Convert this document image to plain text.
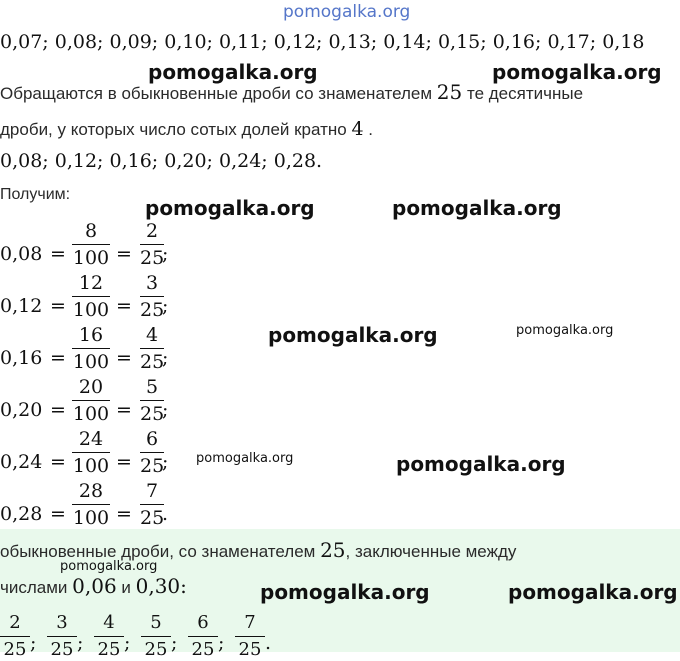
pomogalka.org
0,07; 0,08; 0,09; 0,10; 0,11; 0,12; 0,13; 0,14; 0,15; 0,16; 0,17; 0,18
pomogalka.org	pomogalka.org
Обращаются в обыкновенные дроби со знаменателем 25 те десятичные
дроби, у которых число сотых долей кратно 4 .
0,08; 0,12; 0,16; 0,20; 0,24; 0,28.
Получим:
pomogalka.org	pomogalka.org
0,08 =
8
100 =
2
25
;
0,12 =
12
100 =
3
25
;
0,16 =
16
100 =
4
25
;
0,20 =
20
100 =
5
25
;
0,24 =
24
100 =
6
25
;
0,28 =
28
100 =
7
25
.
pomogalka.org	pomogalka.org
pomogalka.org	pomogalka.org
обыкновенные дроби, со знаменателем 25, заключенные между
pomogalka.org
числами 0,06 и 0,30:	pomogalka.org	pomogalka.org
2
25 ;
3
25 ;
4
25 ;
5
25 ;
6
25 ;
7
25 .
